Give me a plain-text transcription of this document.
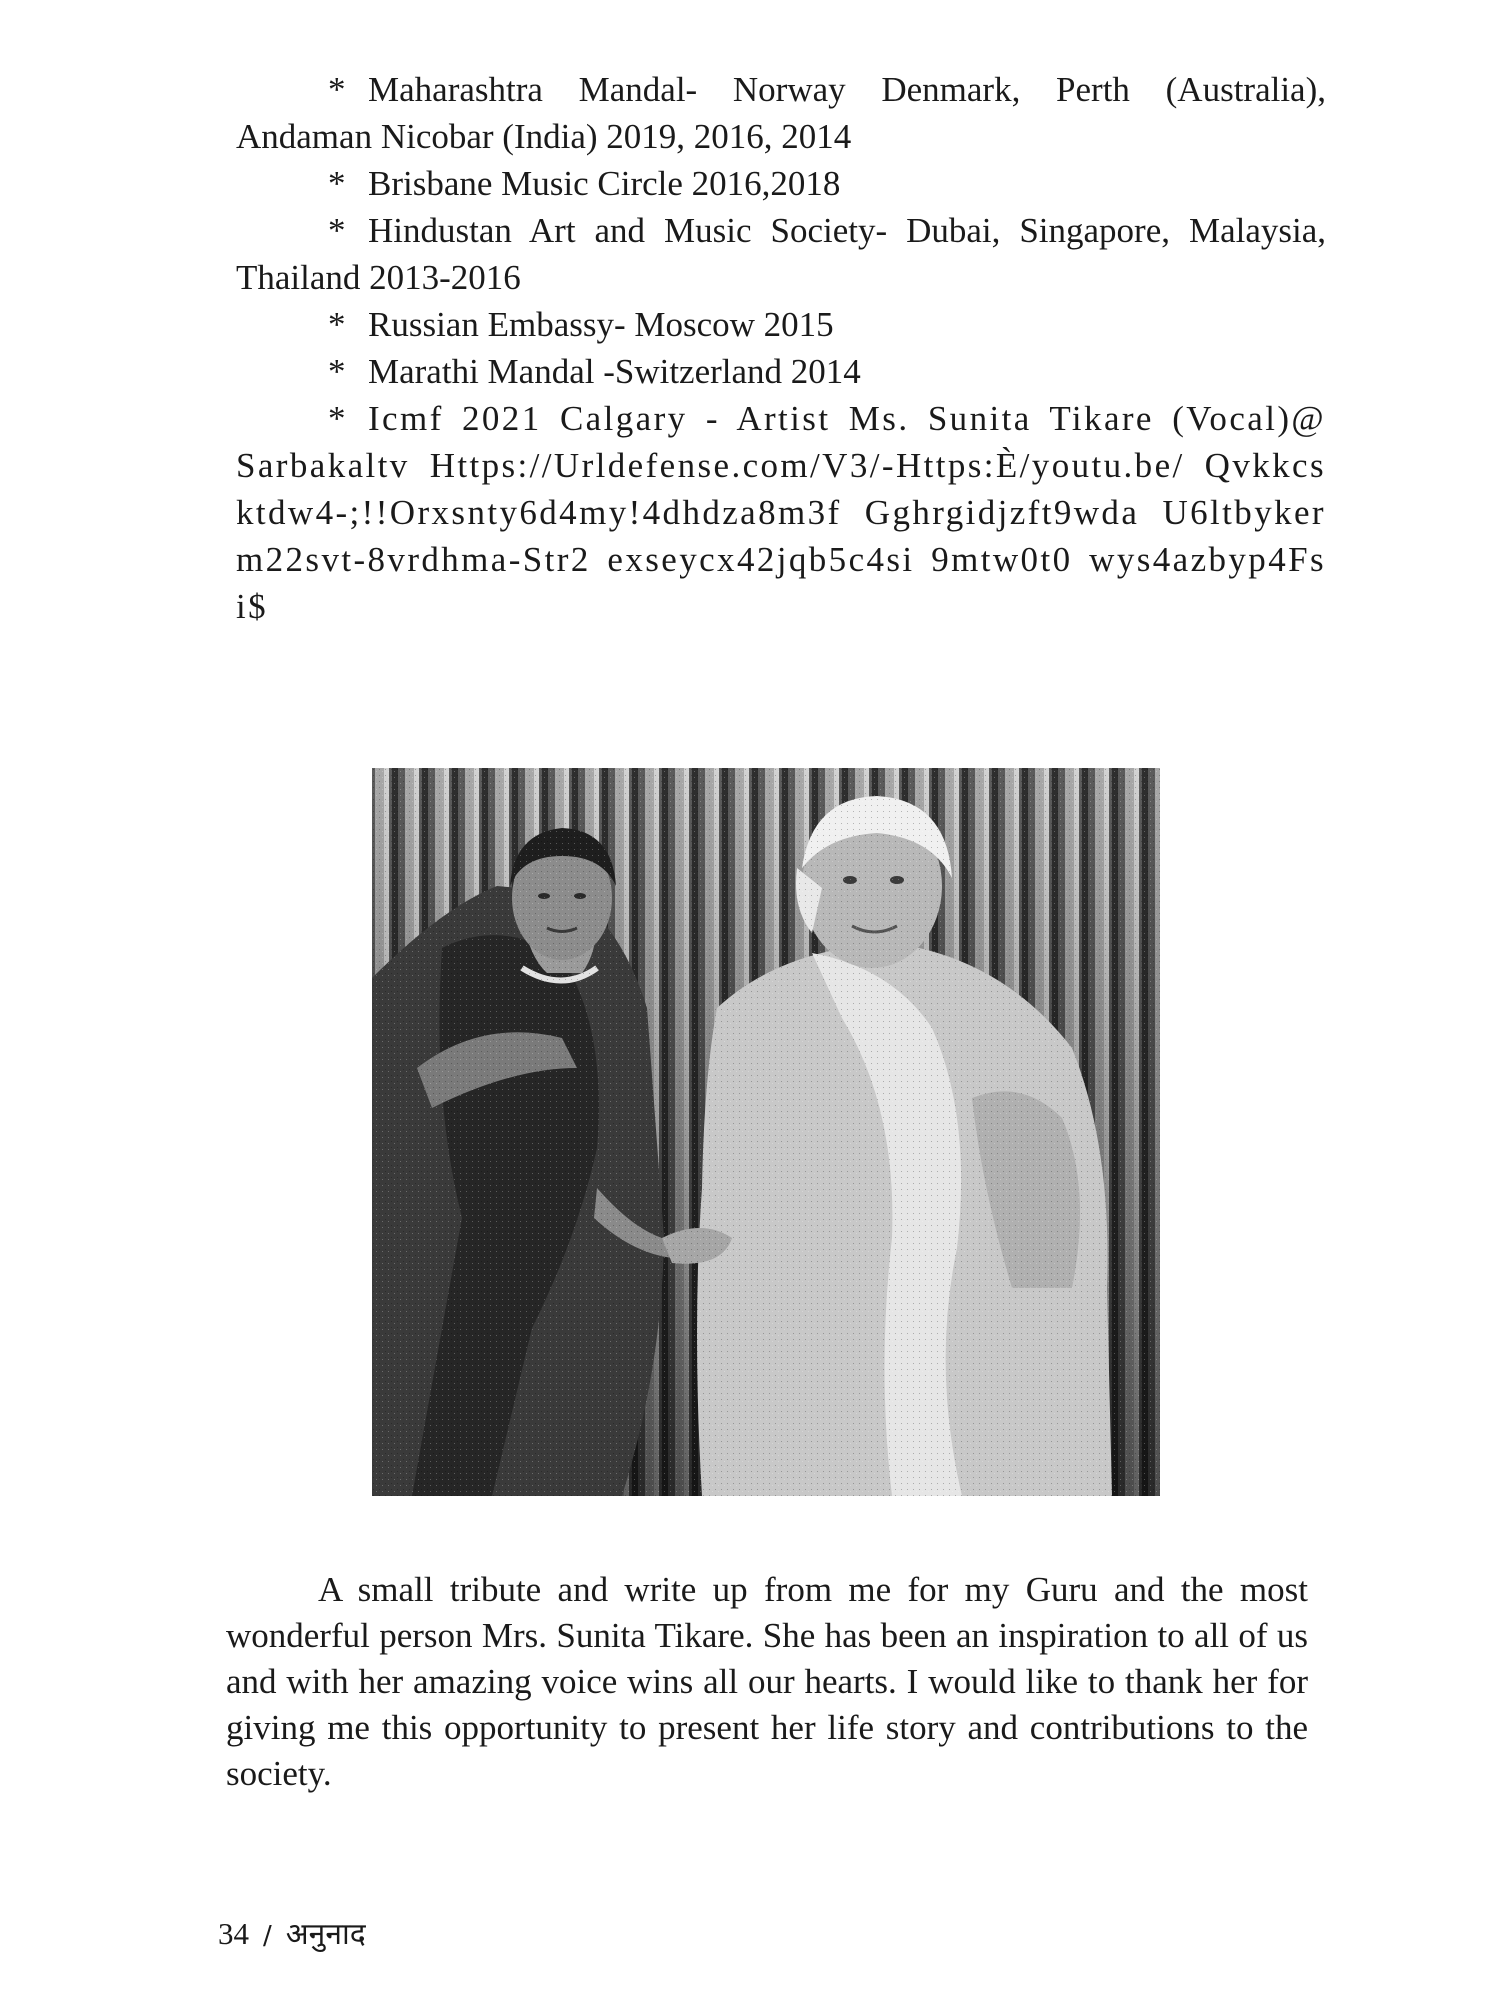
* Maharashtra Mandal- Norway Denmark, Perth (Australia), Andaman Nicobar (India) 2019, 2016, 2014
* Brisbane Music Circle 2016,2018
* Hindustan Art and Music Society- Dubai, Singapore, Malaysia, Thailand 2013-2016
* Russian Embassy- Moscow 2015
* Marathi Mandal -Switzerland 2014
* Icmf 2021 Calgary - Artist Ms. Sunita Tikare (Vocal)@ Sarbakaltv Https://Urldefense.com/V3/-Https:È/youtu.be/ Qvkkcsktdw4-;!!Orxsnty6d4my!4dhdza8m3f Gghrgidjzft9wda U6ltbykerm22svt-8vrdhma-Str2 exseycx42jqb5c4si 9mtw0t0 wys4azbyp4Fsi$

A small tribute and write up from me for my Guru and the most wonderful person Mrs. Sunita Tikare. She has been an inspiration to all of us and with her amazing voice wins all our hearts. I would like to thank her for giving me this opportunity to present her life story and contributions to the society.

34 / अनुनाद
